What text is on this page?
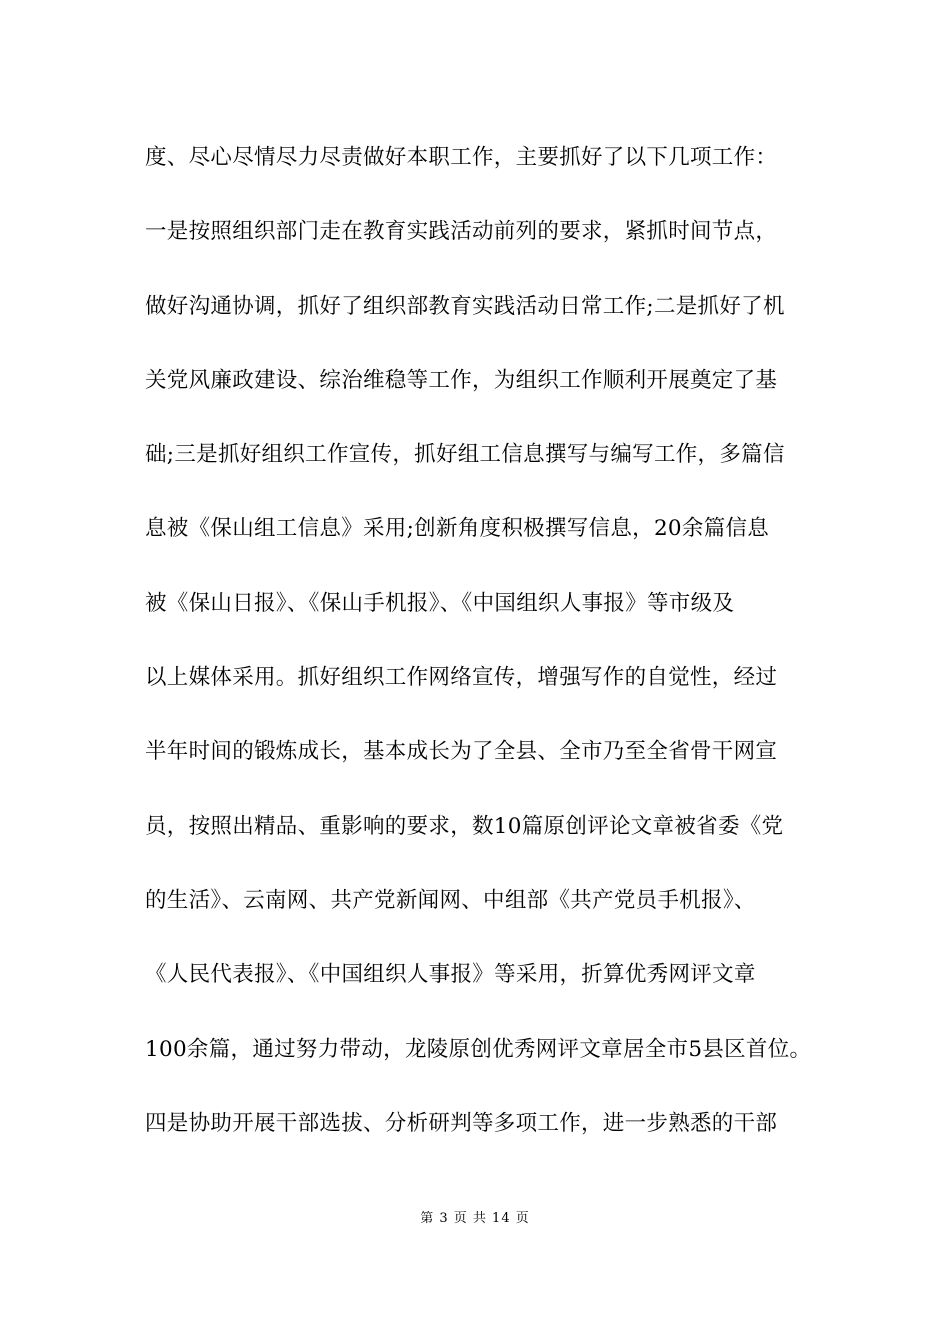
度、尽心尽情尽力尽责做好本职工作，主要抓好了以下几项工作：
一是按照组织部门走在教育实践活动前列的要求，紧抓时间节点，
做好沟通协调，抓好了组织部教育实践活动日常工作;二是抓好了机
关党风廉政建设、综治维稳等工作，为组织工作顺利开展奠定了基
础;三是抓好组织工作宣传，抓好组工信息撰写与编写工作，多篇信
息被《保山组工信息》采用;创新角度积极撰写信息，20余篇信息
被《保山日报》、《保山手机报》、《中国组织人事报》等市级及
以上媒体采用。抓好组织工作网络宣传，增强写作的自觉性，经过
半年时间的锻炼成长，基本成长为了全县、全市乃至全省骨干网宣
员，按照出精品、重影响的要求，数10篇原创评论文章被省委《党
的生活》、云南网、共产党新闻网、中组部《共产党员手机报》、
《人民代表报》、《中国组织人事报》等采用，折算优秀网评文章
100余篇，通过努力带动，龙陵原创优秀网评文章居全市5县区首位。
四是协助开展干部选拔、分析研判等多项工作，进一步熟悉的干部
第 3 页 共 14 页
